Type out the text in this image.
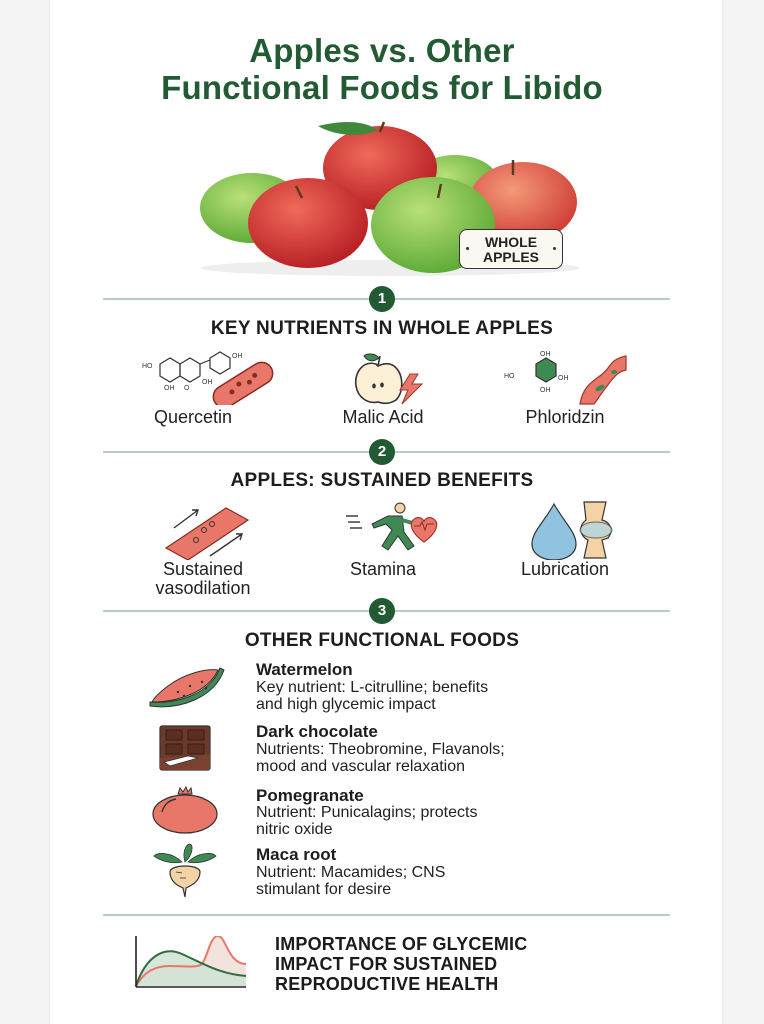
Apples vs. Other
Functional Foods for Libido
WHOLE
APPLES
1
KEY NUTRIENTS IN WHOLE APPLES
HO
OH
OH
OH
O
Quercetin	Malic Acid
OH
HO	OH
OH
Phloridzin
2
APPLES: SUSTAINED BENEFITS
Sustained
vasodilation
Stamina	Lubrication
3
OTHER FUNCTIONAL FOODS
Watermelon
Key nutrient: L-citrulline; benefits
and high glycemic impact
Dark chocolate
Nutrients: Theobromine, Flavanols;
mood and vascular relaxation
Pomegranate
Nutrient: Punicalagins; protects
nitric oxide
Maca root
Nutrient: Macamides; CNS
stimulant for desire
IMPORTANCE OF GLYCEMIC
IMPACT FOR SUSTAINED
REPRODUCTIVE HEALTH
